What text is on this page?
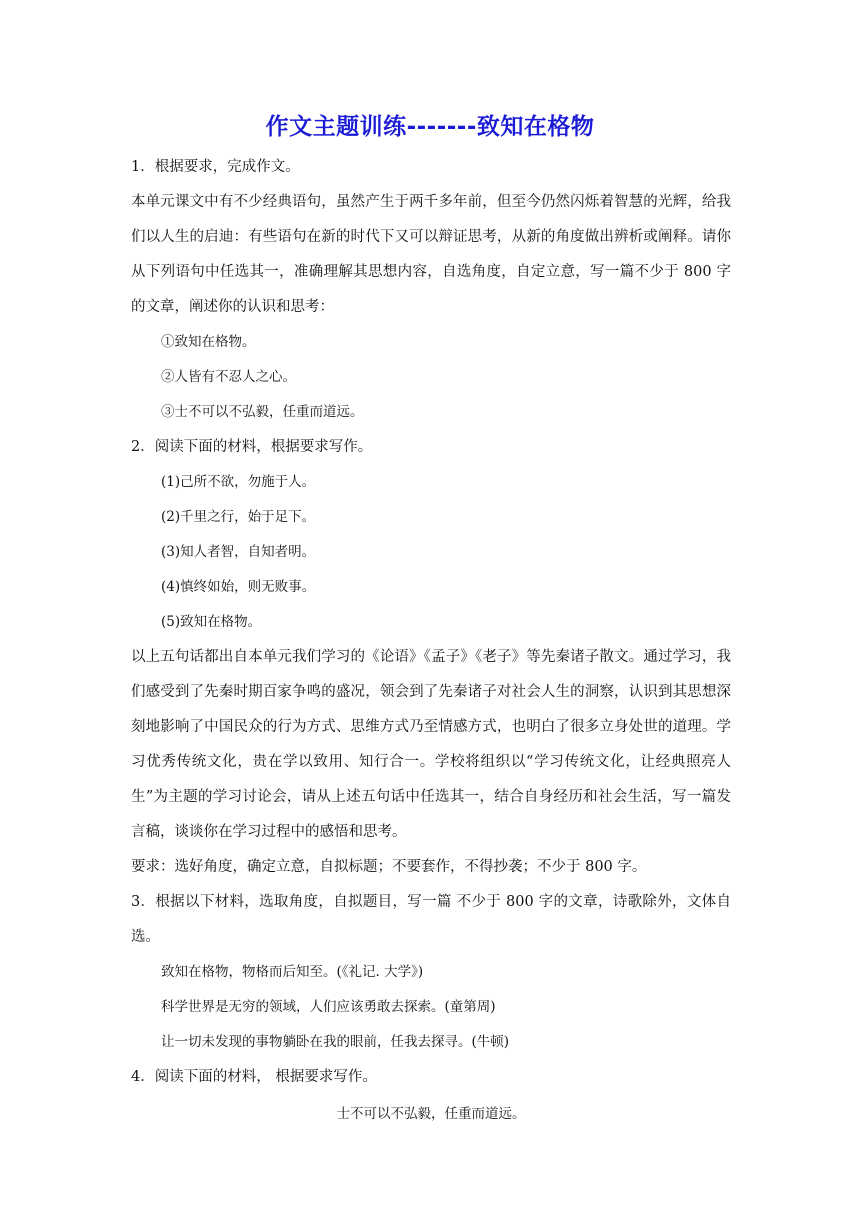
作文主题训练-------致知在格物

1．根据要求，完成作文。

本单元课文中有不少经典语句，虽然产生于两千多年前，但至今仍然闪烁着智慧的光辉，给我们以人生的启迪：有些语句在新的时代下又可以辩证思考，从新的角度做出辨析或阐释。请你从下列语句中任选其一，准确理解其思想内容，自选角度，自定立意，写一篇不少于 800 字的文章，阐述你的认识和思考：

①致知在格物。

②人皆有不忍人之心。

③士不可以不弘毅，任重而道远。

2．阅读下面的材料，根据要求写作。

(1)己所不欲，勿施于人。

(2)千里之行，始于足下。

(3)知人者智，自知者明。

(4)慎终如始，则无败事。

(5)致知在格物。

以上五句话都出自本单元我们学习的《论语》《孟子》《老子》等先秦诸子散文。通过学习，我们感受到了先秦时期百家争鸣的盛况，领会到了先秦诸子对社会人生的洞察，认识到其思想深刻地影响了中国民众的行为方式、思维方式乃至情感方式，也明白了很多立身处世的道理。学习优秀传统文化，贵在学以致用、知行合一。学校将组织以“学习传统文化，让经典照亮人生”为主题的学习讨论会，请从上述五句话中任选其一，结合自身经历和社会生活，写一篇发言稿，谈谈你在学习过程中的感悟和思考。

要求：选好角度，确定立意，自拟标题；不要套作，不得抄袭；不少于 800 字。

3．根据以下材料，选取角度，自拟题目，写一篇 不少于 800 字的文章，诗歌除外，文体自选。

致知在格物，物格而后知至。(《礼记. 大学》)

科学世界是无穷的领域，人们应该勇敢去探索。(童第周)

让一切未发现的事物躺卧在我的眼前，任我去探寻。(牛顿)

4．阅读下面的材料， 根据要求写作。

士不可以不弘毅，任重而道远。
